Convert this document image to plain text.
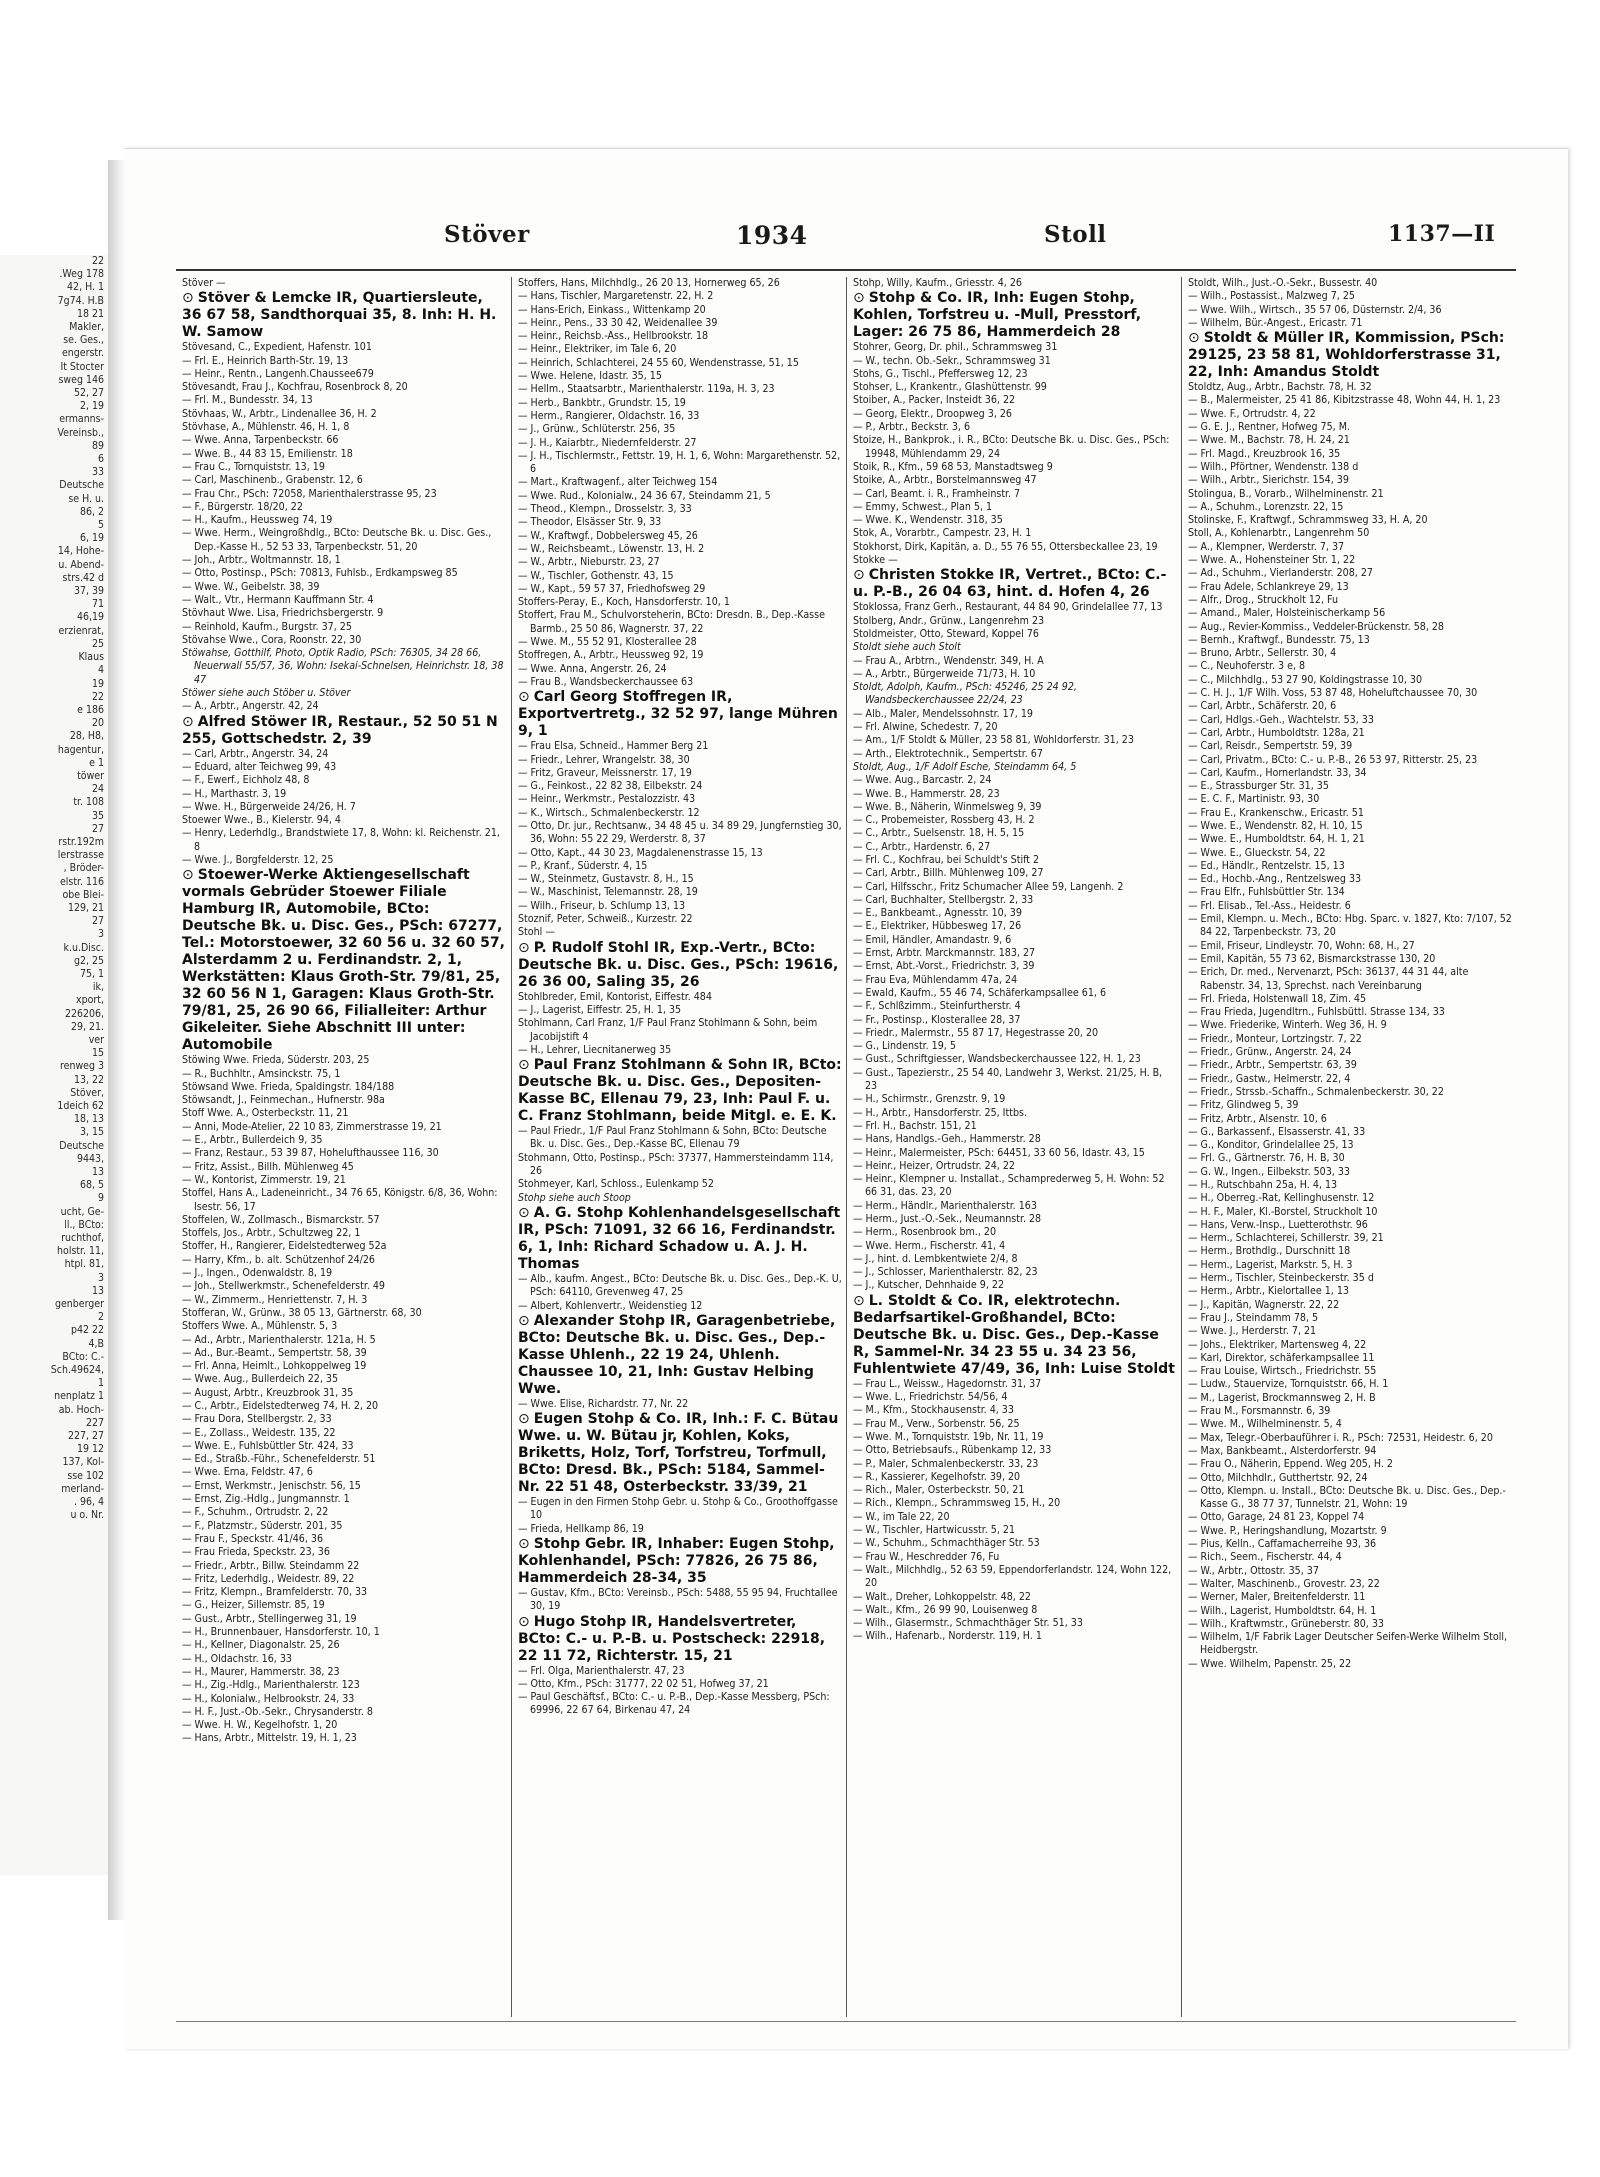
22
.Weg 178
42, H. 1
7g74. H.B
18 21
Makler,
se. Ges.,
engerstr.
It Stocter
sweg 146
52, 27
2, 19
ermanns-
Vereinsb.,
89
6
33
Deutsche
se H. u.
86, 2
5
6, 19
14, Hohe-
u. Abend-
strs.42 d
37, 39
71
46,19
erzienrat,
25
Klaus
4
19
22
e 186
20
28, H8,
hagentur,
e 1
töwer
24
tr. 108
35
27
rstr.192m
lerstrasse
, Bröder-
elstr. 116
obe Blei-
129, 21
27
3
k.u.Disc.
g2, 25
75, 1
ik,
xport,
226206,
29, 21.
ver
15
renweg 3
13, 22
Stöver,
1deich 62
18, 13
3, 15
Deutsche
9443,
13
68, 5
9
ucht, Ge-
ll., BCto:
ruchthof,
holstr. 11,
htpl. 81,
3
13
genberger
2
p42 22
4,B
BCto: C.-
Sch.49624,
1
nenplatz 1
ab. Hoch-
227
227, 27
19 12
137, Kol-
sse 102
merland-
. 96, 4
u o. Nr.
Stöver	1934	Stoll	1137—II
Stöver —
⊙ Stöver & Lemcke IR, Quartiersleute, 36 67 58, Sandthorquai 35, 8. Inh: H. H. W. Samow
Stövesand, C., Expedient, Hafenstr. 101
— Frl. E., Heinrich Barth-Str. 19, 13
— Heinr., Rentn., Langenh.Chaussee679
Stövesandt, Frau J., Kochfrau, Rosenbrock 8, 20
— Frl. M., Bundesstr. 34, 13
Stövhaas, W., Arbtr., Lindenallee 36, H. 2
Stövhase, A., Mühlenstr. 46, H. 1, 8
— Wwe. Anna, Tarpenbeckstr. 66
— Wwe. B., 44 83 15, Emilienstr. 18
— Frau C., Tornquiststr. 13, 19
— Carl, Maschinenb., Grabenstr. 12, 6
— Frau Chr., PSch: 72058, Marienthalerstrasse 95, 23
— F., Bürgerstr. 18/20, 22
— H., Kaufm., Heussweg 74, 19
— Wwe. Herm., Weingroßhdlg., BCto: Deutsche Bk. u. Disc. Ges., Dep.-Kasse H., 52 53 33, Tarpenbeckstr. 51, 20
— Joh., Arbtr., Woltmannstr. 18, 1
— Otto, Postinsp., PSch: 70813, Fuhlsb., Erdkampsweg 85
— Wwe. W., Geibelstr. 38, 39
— Walt., Vtr., Hermann Kauffmann Str. 4
Stövhaut Wwe. Lisa, Friedrichsbergerstr. 9
— Reinhold, Kaufm., Burgstr. 37, 25
Stövahse Wwe., Cora, Roonstr. 22, 30
Stöwahse, Gotthilf, Photo, Optik Radio, PSch: 76305, 34 28 66, Neuerwall 55/57, 36, Wohn: Isekai-Schnelsen, Heinrichstr. 18, 38 47
Stöwer siehe auch Stöber u. Stöver
— A., Arbtr., Angerstr. 42, 24
⊙ Alfred Stöwer IR, Restaur., 52 50 51 N 255, Gottschedstr. 2, 39
— Carl, Arbtr., Angerstr. 34, 24
— Eduard, alter Teichweg 99, 43
— F., Ewerf., Eichholz 48, 8
— H., Marthastr. 3, 19
— Wwe. H., Bürgerweide 24/26, H. 7
Stoewer Wwe., B., Kielerstr. 94, 4
— Henry, Lederhdlg., Brandstwiete 17, 8, Wohn: kl. Reichenstr. 21, 8
— Wwe. J., Borgfelderstr. 12, 25
⊙ Stoewer-Werke Aktiengesellschaft vormals Gebrüder Stoewer Filiale Hamburg IR, Automobile, BCto: Deutsche Bk. u. Disc. Ges., PSch: 67277, Tel.: Motorstoewer, 32 60 56 u. 32 60 57, Alsterdamm 2 u. Ferdinandstr. 2, 1, Werkstätten: Klaus Groth-Str. 79/81, 25, 32 60 56 N 1, Garagen: Klaus Groth-Str. 79/81, 25, 26 90 66, Filialleiter: Arthur Gikeleiter. Siehe Abschnitt III unter: Automobile
Stöwing Wwe. Frieda, Süderstr. 203, 25
— R., Buchhltr., Amsinckstr. 75, 1
Stöwsand Wwe. Frieda, Spaldingstr. 184/188
Stöwsandt, J., Feinmechan., Hufnerstr. 98a
Stoff Wwe. A., Osterbeckstr. 11, 21
— Anni, Mode-Atelier, 22 10 83, Zimmerstrasse 19, 21
— E., Arbtr., Bullerdeich 9, 35
— Franz, Restaur., 53 39 87, Hohelufthaussee 116, 30
— Fritz, Assist., Billh. Mühlenweg 45
— W., Kontorist, Zimmerstr. 19, 21
Stoffel, Hans A., Ladeneinricht., 34 76 65, Königstr. 6/8, 36, Wohn: Isestr. 56, 17
Stoffelen, W., Zollmasch., Bismarckstr. 57
Stoffels, Jos., Arbtr., Schultzweg 22, 1
Stoffer, H., Rangierer, Eidelstedterweg 52a
— Harry, Kfm., b. alt. Schützenhof 24/26
— J., Ingen., Odenwaldstr. 8, 19
— Joh., Stellwerkmstr., Schenefelderstr. 49
— W., Zimmerm., Henriettenstr. 7, H. 3
Stofferan, W., Grünw., 38 05 13, Gärtnerstr. 68, 30
Stoffers Wwe. A., Mühlenstr. 5, 3
— Ad., Arbtr., Marienthalerstr. 121a, H. 5
— Ad., Bur.-Beamt., Sempertstr. 58, 39
— Frl. Anna, Heimlt., Lohkoppelweg 19
— Wwe. Aug., Bullerdeich 22, 35
— August, Arbtr., Kreuzbrook 31, 35
— C., Arbtr., Eidelstedterweg 74, H. 2, 20
— Frau Dora, Stellbergstr. 2, 33
— E., Zollass., Weidestr. 135, 22
— Wwe. E., Fuhlsbüttler Str. 424, 33
— Ed., Straßb.-Führ., Schenefelderstr. 51
— Wwe. Erna, Feldstr. 47, 6
— Ernst, Werkmstr., Jenischstr. 56, 15
— Ernst, Zig.-Hdlg., Jungmannstr. 1
— F., Schuhm., Ortrudstr. 2, 22
— F., Platzmstr., Süderstr. 201, 35
— Frau F., Speckstr. 41/46, 36
— Frau Frieda, Speckstr. 23, 36
— Friedr., Arbtr., Billw. Steindamm 22
— Fritz, Lederhdlg., Weidestr. 89, 22
— Fritz, Klempn., Bramfelderstr. 70, 33
— G., Heizer, Sillemstr. 85, 19
— Gust., Arbtr., Stellingerweg 31, 19
— H., Brunnenbauer, Hansdorferstr. 10, 1
— H., Kellner, Diagonalstr. 25, 26
— H., Oldachstr. 16, 33
— H., Maurer, Hammerstr. 38, 23
— H., Zig.-Hdlg., Marienthalerstr. 123
— H., Kolonialw., Helbrookstr. 24, 33
— H. F., Just.-Ob.-Sekr., Chrysanderstr. 8
— Wwe. H. W., Kegelhofstr. 1, 20
— Hans, Arbtr., Mittelstr. 19, H. 1, 23
Stoffers, Hans, Milchhdlg., 26 20 13, Hornerweg 65, 26
— Hans, Tischler, Margaretenstr. 22, H. 2
— Hans-Erich, Einkass., Wittenkamp 20
— Heinr., Pens., 33 30 42, Weidenallee 39
— Heinr., Reichsb.-Ass., Hellbrookstr. 18
— Heinr., Elektriker, im Tale 6, 20
— Heinrich, Schlachterei, 24 55 60, Wendenstrasse, 51, 15
— Wwe. Helene, Idastr. 35, 15
— Hellm., Staatsarbtr., Marienthalerstr. 119a, H. 3, 23
— Herb., Bankbtr., Grundstr. 15, 19
— Herm., Rangierer, Oldachstr. 16, 33
— J., Grünw., Schlüterstr. 256, 35
— J. H., Kaiarbtr., Niedernfelderstr. 27
— J. H., Tischlermstr., Fettstr. 19, H. 1, 6, Wohn: Margarethenstr. 52, 6
— Mart., Kraftwagenf., alter Teichweg 154
— Wwe. Rud., Kolonialw., 24 36 67, Steindamm 21, 5
— Theod., Klempn., Drosselstr. 3, 33
— Theodor, Elsässer Str. 9, 33
— W., Kraftwgf., Dobbelersweg 45, 26
— W., Reichsbeamt., Löwenstr. 13, H. 2
— W., Arbtr., Nieburstr. 23, 27
— W., Tischler, Gothenstr. 43, 15
— W., Kapt., 59 57 37, Friedhofsweg 29
Stoffers-Peray, E., Koch, Hansdorferstr. 10, 1
Stoffert, Frau M., Schulvorsteherin, BCto: Dresdn. B., Dep.-Kasse Barmb., 25 50 86, Wagnerstr. 37, 22
— Wwe. M., 55 52 91, Klosterallee 28
Stoffregen, A., Arbtr., Heussweg 92, 19
— Wwe. Anna, Angerstr. 26, 24
— Frau B., Wandsbeckerchaussee 63
⊙ Carl Georg Stoffregen IR, Exportvertretg., 32 52 97, lange Mühren 9, 1
— Frau Elsa, Schneid., Hammer Berg 21
— Friedr., Lehrer, Wrangelstr. 38, 30
— Fritz, Graveur, Meissnerstr. 17, 19
— G., Feinkost., 22 82 38, Eilbekstr. 24
— Heinr., Werkmstr., Pestalozzistr. 43
— K., Wirtsch., Schmalenbeckerstr. 12
— Otto, Dr. jur., Rechtsanw., 34 48 45 u. 34 89 29, Jungfernstieg 30, 36, Wohn: 55 22 29, Werderstr. 8, 37
— Otto, Kapt., 44 30 23, Magdalenenstrasse 15, 13
— P., Kranf., Süderstr. 4, 15
— W., Steinmetz, Gustavstr. 8, H., 15
— W., Maschinist, Telemannstr. 28, 19
— Wilh., Friseur, b. Schlump 13, 13
Stoznif, Peter, Schweiß., Kurzestr. 22
Stohl —
⊙ P. Rudolf Stohl IR, Exp.-Vertr., BCto: Deutsche Bk. u. Disc. Ges., PSch: 19616, 26 36 00, Saling 35, 26
Stohlbreder, Emil, Kontorist, Eiffestr. 484
— J., Lagerist, Eiffestr. 25, H. 1, 35
Stohlmann, Carl Franz, 1/F Paul Franz Stohlmann & Sohn, beim Jacobijstift 4
— H., Lehrer, Liecnitanerweg 35
⊙ Paul Franz Stohlmann & Sohn IR, BCto: Deutsche Bk. u. Disc. Ges., Depositen-Kasse BC, Ellenau 79, 23, Inh: Paul F. u. C. Franz Stohlmann, beide Mitgl. e. E. K.
— Paul Friedr., 1/F Paul Franz Stohlmann & Sohn, BCto: Deutsche Bk. u. Disc. Ges., Dep.-Kasse BC, Ellenau 79
Stohmann, Otto, Postinsp., PSch: 37377, Hammersteindamm 114, 26
Stohmeyer, Karl, Schloss., Eulenkamp 52
Stohp siehe auch Stoop
⊙ A. G. Stohp Kohlenhandelsgesellschaft IR, PSch: 71091, 32 66 16, Ferdinandstr. 6, 1, Inh: Richard Schadow u. A. J. H. Thomas
— Alb., kaufm. Angest., BCto: Deutsche Bk. u. Disc. Ges., Dep.-K. U, PSch: 64110, Grevenweg 47, 25
— Albert, Kohlenvertr., Weidenstieg 12
⊙ Alexander Stohp IR, Garagenbetriebe, BCto: Deutsche Bk. u. Disc. Ges., Dep.-Kasse Uhlenh., 22 19 24, Uhlenh. Chaussee 10, 21, Inh: Gustav Helbing Wwe.
— Wwe. Elise, Richardstr. 77, Nr. 22
⊙ Eugen Stohp & Co. IR, Inh.: F. C. Bütau Wwe. u. W. Bütau jr, Kohlen, Koks, Briketts, Holz, Torf, Torfstreu, Torfmull, BCto: Dresd. Bk., PSch: 5184, Sammel-Nr. 22 51 48, Osterbeckstr. 33/39, 21
— Eugen in den Firmen Stohp Gebr. u. Stohp & Co., Groothoffgasse 10
— Frieda, Hellkamp 86, 19
⊙ Stohp Gebr. IR, Inhaber: Eugen Stohp, Kohlenhandel, PSch: 77826, 26 75 86, Hammerdeich 28-34, 35
— Gustav, Kfm., BCto: Vereinsb., PSch: 5488, 55 95 94, Fruchtallee 30, 19
⊙ Hugo Stohp IR, Handelsvertreter, BCto: C.- u. P.-B. u. Postscheck: 22918, 22 11 72, Richterstr. 15, 21
— Frl. Olga, Marienthalerstr. 47, 23
— Otto, Kfm., PSch: 31777, 22 02 51, Hofweg 37, 21
— Paul Geschäftsf., BCto: C.- u. P.-B., Dep.-Kasse Messberg, PSch: 69996, 22 67 64, Birkenau 47, 24
Stohp, Willy, Kaufm., Griesstr. 4, 26
⊙ Stohp & Co. IR, Inh: Eugen Stohp, Kohlen, Torfstreu u. -Mull, Presstorf, Lager: 26 75 86, Hammerdeich 28
Stohrer, Georg, Dr. phil., Schrammsweg 31
— W., techn. Ob.-Sekr., Schrammsweg 31
Stohs, G., Tischl., Pfeffersweg 12, 23
Stohser, L., Krankentr., Glashüttenstr. 99
Stoiber, A., Packer, Insteidt 36, 22
— Georg, Elektr., Droopweg 3, 26
— P., Arbtr., Beckstr. 3, 6
Stoize, H., Bankprok., i. R., BCto: Deutsche Bk. u. Disc. Ges., PSch: 19948, Mühlendamm 29, 24
Stoik, R., Kfm., 59 68 53, Manstadtsweg 9
Stoike, A., Arbtr., Borstelmannsweg 47
— Carl, Beamt. i. R., Framheinstr. 7
— Emmy, Schwest., Plan 5, 1
— Wwe. K., Wendenstr. 318, 35
Stok, A., Vorarbtr., Campestr. 23, H. 1
Stokhorst, Dirk, Kapitän, a. D., 55 76 55, Ottersbeckallee 23, 19
Stokke —
⊙ Christen Stokke IR, Vertret., BCto: C.- u. P.-B., 26 04 63, hint. d. Hofen 4, 26
Stoklossa, Franz Gerh., Restaurant, 44 84 90, Grindelallee 77, 13
Stolberg, Andr., Grünw., Langenrehm 23
Stoldmeister, Otto, Steward, Koppel 76
Stoldt siehe auch Stolt
— Frau A., Arbtrn., Wendenstr. 349, H. A
— A., Arbtr., Bürgerweide 71/73, H. 10
Stoldt, Adolph, Kaufm., PSch: 45246, 25 24 92, Wandsbeckerchaussee 22/24, 23
— Alb., Maler, Mendelssohnstr. 17, 19
— Frl. Alwine, Schedestr. 7, 20
— Am., 1/F Stoldt & Müller, 23 58 81, Wohldorferstr. 31, 23
— Arth., Elektrotechnik., Sempertstr. 67
Stoldt, Aug., 1/F Adolf Esche, Steindamm 64, 5
— Wwe. Aug., Barcastr. 2, 24
— Wwe. B., Hammerstr. 28, 23
— Wwe. B., Näherin, Winmelsweg 9, 39
— C., Probemeister, Rossberg 43, H. 2
— C., Arbtr., Suelsenstr. 18, H. 5, 15
— C., Arbtr., Hardenstr. 6, 27
— Frl. C., Kochfrau, bei Schuldt's Stift 2
— Carl, Arbtr., Billh. Mühlenweg 109, 27
— Carl, Hilfsschr., Fritz Schumacher Allee 59, Langenh. 2
— Carl, Buchhalter, Stellbergstr. 2, 33
— E., Bankbeamt., Agnesstr. 10, 39
— E., Elektriker, Hübbesweg 17, 26
— Emil, Händler, Amandastr. 9, 6
— Ernst, Arbtr. Marckmannstr. 183, 27
— Ernst, Abt.-Vorst., Friedrichstr. 3, 39
— Frau Eva, Mühlendamm 47a, 24
— Ewald, Kaufm., 55 46 74, Schäferkampsallee 61, 6
— F., Schlßzimm., Steinfurtherstr. 4
— Fr., Postinsp., Klosterallee 28, 37
— Friedr., Malermstr., 55 87 17, Hegestrasse 20, 20
— G., Lindenstr. 19, 5
— Gust., Schriftgiesser, Wandsbeckerchaussee 122, H. 1, 23
— Gust., Tapezierstr., 25 54 40, Landwehr 3, Werkst. 21/25, H. B, 23
— H., Schirmstr., Grenzstr. 9, 19
— H., Arbtr., Hansdorferstr. 25, Ittbs.
— Frl. H., Bachstr. 151, 21
— Hans, Handlgs.-Geh., Hammerstr. 28
— Heinr., Malermeister, PSch: 64451, 33 60 56, Idastr. 43, 15
— Heinr., Heizer, Ortrudstr. 24, 22
— Heinr., Klempner u. Installat., Schamprederweg 5, H. Wohn: 52 66 31, das. 23, 20
— Herm., Händlr., Marienthalerstr. 163
— Herm., Just.-O.-Sek., Neumannstr. 28
— Herm., Rosenbrook bm., 20
— Wwe. Herm., Fischerstr. 41, 4
— J., hint. d. Lembkentwiete 2/4, 8
— J., Schlosser, Marienthalerstr. 82, 23
— J., Kutscher, Dehnhaide 9, 22
⊙ L. Stoldt & Co. IR, elektrotechn. Bedarfsartikel-Großhandel, BCto: Deutsche Bk. u. Disc. Ges., Dep.-Kasse R, Sammel-Nr. 34 23 55 u. 34 23 56, Fuhlentwiete 47/49, 36, Inh: Luise Stoldt
— Frau L., Weissw., Hagedornstr. 31, 37
— Wwe. L., Friedrichstr. 54/56, 4
— M., Kfm., Stockhausenstr. 4, 33
— Frau M., Verw., Sorbenstr. 56, 25
— Wwe. M., Tornquiststr. 19b, Nr. 11, 19
— Otto, Betriebsaufs., Rübenkamp 12, 33
— P., Maler, Schmalenbeckerstr. 33, 23
— R., Kassierer, Kegelhofstr. 39, 20
— Rich., Maler, Osterbeckstr. 50, 21
— Rich., Klempn., Schrammsweg 15, H., 20
— W., im Tale 22, 20
— W., Tischler, Hartwicusstr. 5, 21
— W., Schuhm., Schmachthäger Str. 53
— Frau W., Heschredder 76, Fu
— Walt., Milchhdlg., 52 63 59, Eppendorferlandstr. 124, Wohn 122, 20
— Walt., Dreher, Lohkoppelstr. 48, 22
— Walt., Kfm., 26 99 90, Louisenweg 8
— Wilh., Glasermstr., Schmachthäger Str. 51, 33
— Wilh., Hafenarb., Norderstr. 119, H. 1
Stoldt, Wilh., Just.-O.-Sekr., Bussestr. 40
— Wilh., Postassist., Malzweg 7, 25
— Wwe. Wilh., Wirtsch., 35 57 06, Düsternstr. 2/4, 36
— Wilhelm, Bür.-Angest., Ericastr. 71
⊙ Stoldt & Müller IR, Kommission, PSch: 29125, 23 58 81, Wohldorferstrasse 31, 22, Inh: Amandus Stoldt
Stoldtz, Aug., Arbtr., Bachstr. 78, H. 32
— B., Malermeister, 25 41 86, Kibitzstrasse 48, Wohn 44, H. 1, 23
— Wwe. F., Ortrudstr. 4, 22
— G. E. J., Rentner, Hofweg 75, M.
— Wwe. M., Bachstr. 78, H. 24, 21
— Frl. Magd., Kreuzbrook 16, 35
— Wilh., Pförtner, Wendenstr. 138 d
— Wilh., Arbtr., Sierichstr. 154, 39
Stolingua, B., Vorarb., Wilhelminenstr. 21
— A., Schuhm., Lorenzstr. 22, 15
Stolinske, F., Kraftwgf., Schrammsweg 33, H. A, 20
Stoll, A., Kohlenarbtr., Langenrehm 50
— A., Klempner, Werderstr. 7, 37
— Wwe. A., Hohensteiner Str. 1, 22
— Ad., Schuhm., Vierlanderstr. 208, 27
— Frau Adele, Schlankreye 29, 13
— Alfr., Drog., Struckholt 12, Fu
— Amand., Maler, Holsteinischerkamp 56
— Aug., Revier-Kommiss., Veddeler-Brückenstr. 58, 28
— Bernh., Kraftwgf., Bundesstr. 75, 13
— Bruno, Arbtr., Sellerstr. 30, 4
— C., Neuhoferstr. 3 e, 8
— C., Milchhdlg., 53 27 90, Koldingstrasse 10, 30
— C. H. J., 1/F Wilh. Voss, 53 87 48, Hoheluftchaussee 70, 30
— Carl, Arbtr., Schäferstr. 20, 6
— Carl, Hdlgs.-Geh., Wachtelstr. 53, 33
— Carl, Arbtr., Humboldtstr. 128a, 21
— Carl, Reisdr., Sempertstr. 59, 39
— Carl, Privatm., BCto: C.- u. P.-B., 26 53 97, Ritterstr. 25, 23
— Carl, Kaufm., Hornerlandstr. 33, 34
— E., Strassburger Str. 31, 35
— E. C. F., Martinistr. 93, 30
— Frau E., Krankenschw., Ericastr. 51
— Wwe. E., Wendenstr. 82, H. 10, 15
— Wwe. E., Humboldtstr. 64, H. 1, 21
— Wwe. E., Glueckstr. 54, 22
— Ed., Händlr., Rentzelstr. 15, 13
— Ed., Hochb.-Ang., Rentzelsweg 33
— Frau Elfr., Fuhlsbüttler Str. 134
— Frl. Elisab., Tel.-Ass., Heidestr. 6
— Emil, Klempn. u. Mech., BCto: Hbg. Sparc. v. 1827, Kto: 7/107, 52 84 22, Tarpenbeckstr. 73, 20
— Emil, Friseur, Lindleystr. 70, Wohn: 68, H., 27
— Emil, Kapitän, 55 73 62, Bismarckstrasse 130, 20
— Erich, Dr. med., Nervenarzt, PSch: 36137, 44 31 44, alte Rabenstr. 34, 13, Sprechst. nach Vereinbarung
— Frl. Frieda, Holstenwall 18, Zim. 45
— Frau Frieda, Jugendltrn., Fuhlsbüttl. Strasse 134, 33
— Wwe. Friederike, Winterh. Weg 36, H. 9
— Friedr., Monteur, Lortzingstr. 7, 22
— Friedr., Grünw., Angerstr. 24, 24
— Friedr., Arbtr., Sempertstr. 63, 39
— Friedr., Gastw., Helmerstr. 22, 4
— Friedr., Strssb.-Schaffn., Schmalenbeckerstr. 30, 22
— Fritz, Glindweg 5, 39
— Fritz, Arbtr., Alsenstr. 10, 6
— G., Barkassenf., Elsasserstr. 41, 33
— G., Konditor, Grindelallee 25, 13
— Frl. G., Gärtnerstr. 76, H. B, 30
— G. W., Ingen., Eilbekstr. 503, 33
— H., Rutschbahn 25a, H. 4, 13
— H., Oberreg.-Rat, Kellinghusenstr. 12
— H. F., Maler, Kl.-Borstel, Struckholt 10
— Hans, Verw.-Insp., Luetterothstr. 96
— Herm., Schlachterei, Schillerstr. 39, 21
— Herm., Brothdlg., Durschnitt 18
— Herm., Lagerist, Markstr. 5, H. 3
— Herm., Tischler, Steinbeckerstr. 35 d
— Herm., Arbtr., Kielortallee 1, 13
— J., Kapitän, Wagnerstr. 22, 22
— Frau J., Steindamm 78, 5
— Wwe. J., Herderstr. 7, 21
— Johs., Elektriker, Martensweg 4, 22
— Karl, Direktor, schäferkampsallee 11
— Frau Louise, Wirtsch., Friedrichstr. 55
— Ludw., Stauervize, Tornquiststr. 66, H. 1
— M., Lagerist, Brockmannsweg 2, H. B
— Frau M., Forsmannstr. 6, 39
— Wwe. M., Wilhelminenstr. 5, 4
— Max, Telegr.-Oberbauführer i. R., PSch: 72531, Heidestr. 6, 20
— Max, Bankbeamt., Alsterdorferstr. 94
— Frau O., Näherin, Eppend. Weg 205, H. 2
— Otto, Milchhdlr., Gutthertstr. 92, 24
— Otto, Klempn. u. Install., BCto: Deutsche Bk. u. Disc. Ges., Dep.-Kasse G., 38 77 37, Tunnelstr. 21, Wohn: 19
— Otto, Garage, 24 81 23, Koppel 74
— Wwe. P., Heringshandlung, Mozartstr. 9
— Pius, Kelln., Caffamacherreihe 93, 36
— Rich., Seem., Fischerstr. 44, 4
— W., Arbtr., Ottostr. 35, 37
— Walter, Maschinenb., Grovestr. 23, 22
— Werner, Maler, Breitenfelderstr. 11
— Wilh., Lagerist, Humboldtstr. 64, H. 1
— Wilh., Kraftwmstr., Grüneberstr. 80, 33
— Wilhelm, 1/F Fabrik Lager Deutscher Seifen-Werke Wilhelm Stoll, Heidbergstr.
— Wwe. Wilhelm, Papenstr. 25, 22
